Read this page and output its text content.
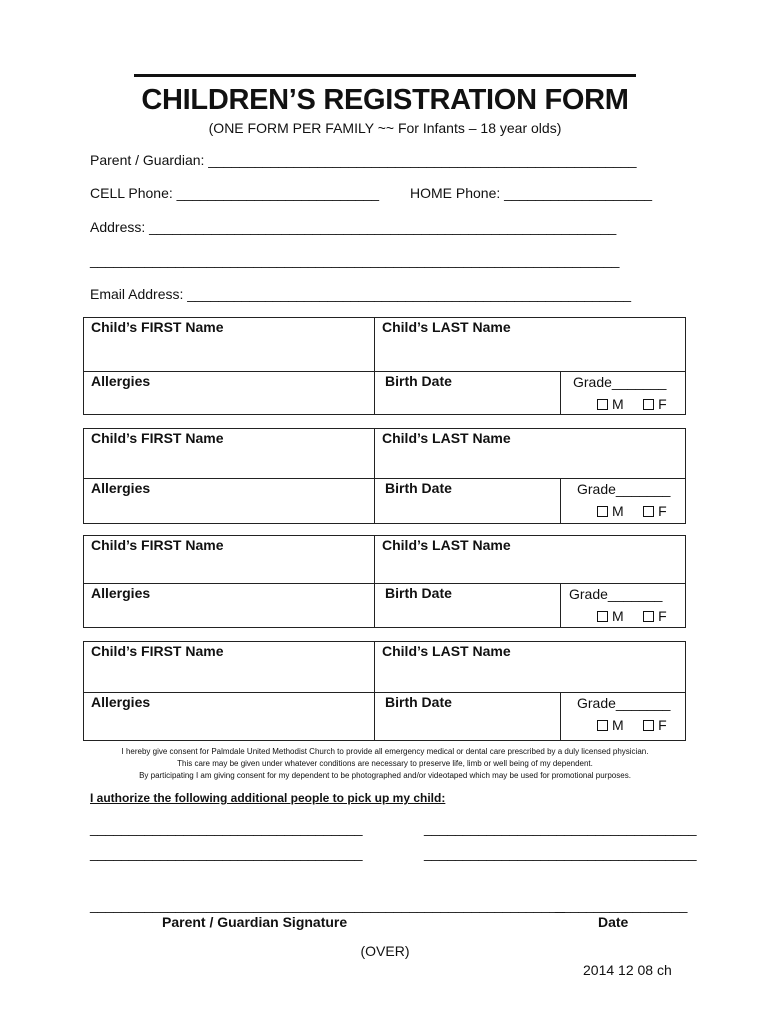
CHILDREN’S REGISTRATION FORM
(ONE FORM PER FAMILY ~~ For Infants – 18 year olds)
Parent / Guardian: _______________________________________________________
CELL Phone: __________________________ HOME Phone: ___________________
Address: ____________________________________________________________
____________________________________________________________________
Email Address: _________________________________________________________
Child’s FIRST Name	Child’s LAST Name	

Allergies	Birth Date	Grade_______
M F
Child’s FIRST Name	Child’s LAST Name	

Allergies	Birth Date	Grade_______
M F
Child’s FIRST Name	Child’s LAST Name	

Allergies	Birth Date	Grade_______
M F
Child’s FIRST Name	Child’s LAST Name	

Allergies	Birth Date	Grade_______
M F
I hereby give consent for Palmdale United Methodist Church to provide all emergency medical or dental care prescribed by a duly licensed physician.
This care may be given under whatever conditions are necessary to preserve life, limb or well being of my dependent.
By participating I am giving consent for my dependent to be photographed and/or videotaped which may be used for promotional purposes.
I authorize the following additional people to pick up my child:
___________________________________	___________________________________
___________________________________	___________________________________
_____________________________________________________________
_________________
Parent / Guardian Signature	Date
(OVER)
2014 12 08 ch
